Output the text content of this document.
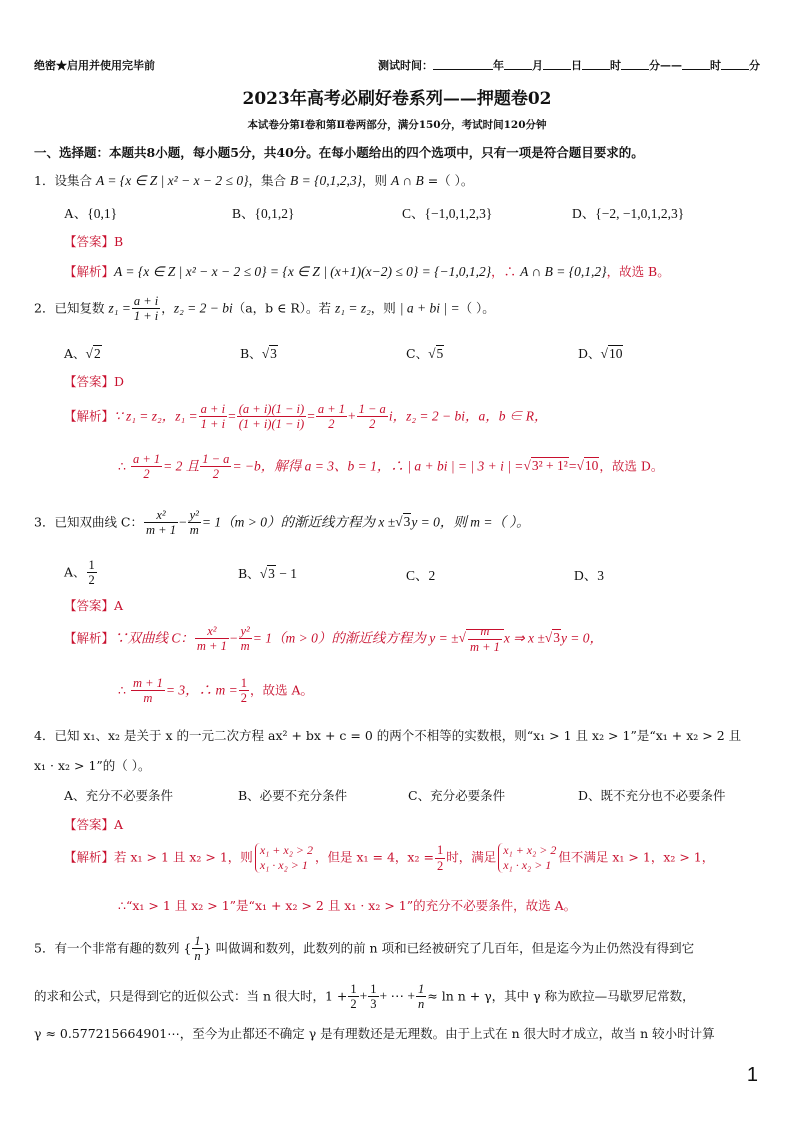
绝密★启用并使用完毕前	测试时间：	年	月	日	时	分——	时	分
2023年高考必刷好卷系列——押题卷02
本试卷分第Ⅰ卷和第Ⅱ卷两部分，满分150分，考试时间120分钟
一、选择题：本题共8小题，每小题5分，共40分。在每小题给出的四个选项中，只有一项是符合题目要求的。
1．设集合 A = {x ∈ Z | x² − x − 2 ≤ 0}，集合 B = {0,1,2,3}，则 A ∩ B =（ ）。
A、{0,1}	B、{0,1,2}	C、{−1,0,1,2,3}	D、{−2, −1,0,1,2,3}
【答案】B
【解析】A = {x ∈ Z | x² − x − 2 ≤ 0} = {x ∈ Z | (x+1)(x−2) ≤ 0} = {−1,0,1,2}，∴ A ∩ B = {0,1,2}，故选 B。
2．已知复数 $z_1 = \frac{a + i}{1 + i}$ ，z₂ = 2 − bi（a，b ∈ R）。若 z₁ = z₂，则 | a + bi | =（ ）。
A、√2	B、√3	C、√5	D、√10
【答案】D
【解析】∵ z₁ = z₂，$z_1 = \frac{a + i}{1 + i} = \frac{(a + i)(1 - i)}{(1 + i)(1 - i)} = \frac{a + 1}{2} + \frac{1 - a}{2}$ i，z₂ = 2 − bi，a，b ∈ R，
∴ $\frac{a + 1}{2} = 2$ 且 $\frac{1 - a}{2} = -b$，解得 a = 3、b = 1，∴ | a + bi | = | 3 + i | =√3² + 1²=√10，故选 D。
3．已知双曲线 C： $\frac{\text{x²}}{m + 1} - \frac{\text{y²}}{m} = 1(m > 0)$的渐近线方程为 x ±√3y = 0，则 m =（ ）。
A、 $\frac{1}{2}$	B、√3 − 1	C、2	D、3
【答案】A
【解析】∵双曲线 C： $\frac{\text{x²}}{m + 1} - \frac{\text{y²}}{m} = 1(m > 0)$的渐近线方程为 y = ±√ $\frac{m}{m + 1}$ x ⇒ x ±√3y = 0，
∴ $\frac{m + 1}{m} = 3$，∴ $m = \frac{1}{2}$ ，故选 A。
4．已知 x₁、x₂ 是关于 x 的一元二次方程 ax² + bx + c = 0 的两个不相等的实数根，则“x₁ > 1 且 x₂ > 1”是“x₁ + x₂ > 2 且
x₁ · x₂ > 1”的（ ）。
A、充分不必要条件	B、必要不充分条件	C、充分必要条件	D、既不充分也不必要条件
【答案】A
【解析】若 x₁ > 1 且 x₂ > 1，则 x₁ + x₂ > 2
x₁ · x₂ > 1
，但是 x₁ = 4，$x_2 = \frac{1}{2}$ 时，满足 x₁ + x₂ > 2
x₁ · x₂ > 1
但不满足 x₁ > 1，x₂ > 1，
∴“x₁ > 1 且 x₂ > 1”是“x₁ + x₂ > 2 且 x₁ · x₂ > 1”的充分不必要条件，故选 A。
5．有一个非常有趣的数列 { $\frac{1}{n}$ } 叫做调和数列，此数列的前 n 项和已经被研究了几百年，但是迄今为止仍然没有得到它
的求和公式，只是得到它的近似公式：当 n 很大时，$1 + \frac{1}{2} + \frac{1}{3}$ + ⋯ + $\frac{1}{n} \approx \ln n + \gamma$，其中 γ 称为欧拉—马歇罗尼常数，
γ ≈ 0.577215664901⋯，至今为止都还不确定 γ 是有理数还是无理数。由于上式在 n 很大时才成立，故当 n 较小时计算
1
